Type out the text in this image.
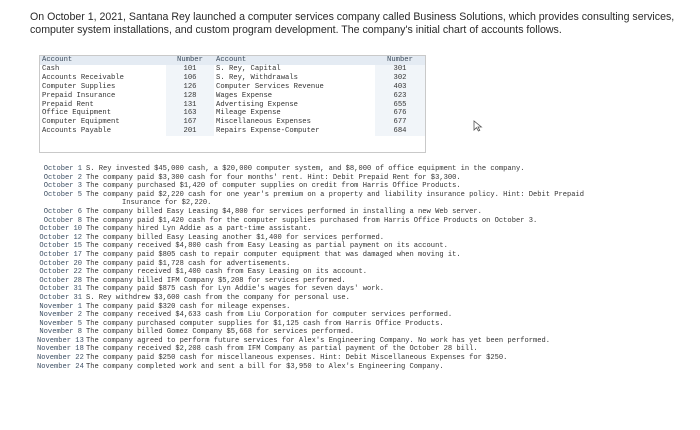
On October 1, 2021, Santana Rey launched a computer services company called Business Solutions, which provides consulting services, computer system installations, and custom program development. The company's initial chart of accounts follows.
Account
Cash
Accounts Receivable
Computer Supplies
Prepaid Insurance
Prepaid Rent
Office Equipment
Computer Equipment
Accounts Payable
Number
101
106
126
128
131
163
167
201
Account
S. Rey, Capital
S. Rey, Withdrawals
Computer Services Revenue
Wages Expense
Advertising Expense
Mileage Expense
Miscellaneous Expenses
Repairs Expense-Computer
Number
301
302
403
623
655
676
677
684
October 1 S. Rey invested $45,000 cash, a $20,000 computer system, and $8,000 of office equipment in the company.
October 2 The company paid $3,300 cash for four months' rent. Hint: Debit Prepaid Rent for $3,300.
October 3 The company purchased $1,420 of computer supplies on credit from Harris Office Products.
October 5 The company paid $2,220 cash for one year's premium on a property and liability insurance policy. Hint: Debit Prepaid
Insurance for $2,220.
October 6 The company billed Easy Leasing $4,800 for services performed in installing a new Web server.
October 8 The company paid $1,420 cash for the computer supplies purchased from Harris Office Products on October 3.
October 10 The company hired Lyn Addie as a part-time assistant.
October 12 The company billed Easy Leasing another $1,400 for services performed.
October 15 The company received $4,800 cash from Easy Leasing as partial payment on its account.
October 17 The company paid $805 cash to repair computer equipment that was damaged when moving it.
October 20 The company paid $1,728 cash for advertisements.
October 22 The company received $1,400 cash from Easy Leasing on its account.
October 28 The company billed IFM Company $5,208 for services performed.
October 31 The company paid $875 cash for Lyn Addie's wages for seven days' work.
October 31 S. Rey withdrew $3,600 cash from the company for personal use.
November 1 The company paid $320 cash for mileage expenses.
November 2 The company received $4,633 cash from Liu Corporation for computer services performed.
November 5 The company purchased computer supplies for $1,125 cash from Harris Office Products.
November 8 The company billed Gomez Company $5,668 for services performed.
November 13 The company agreed to perform future services for Alex's Engineering Company. No work has yet been performed.
November 18 The company received $2,208 cash from IFM Company as partial payment of the October 28 bill.
November 22 The company paid $250 cash for miscellaneous expenses. Hint: Debit Miscellaneous Expenses for $250.
November 24 The company completed work and sent a bill for $3,950 to Alex's Engineering Company.
